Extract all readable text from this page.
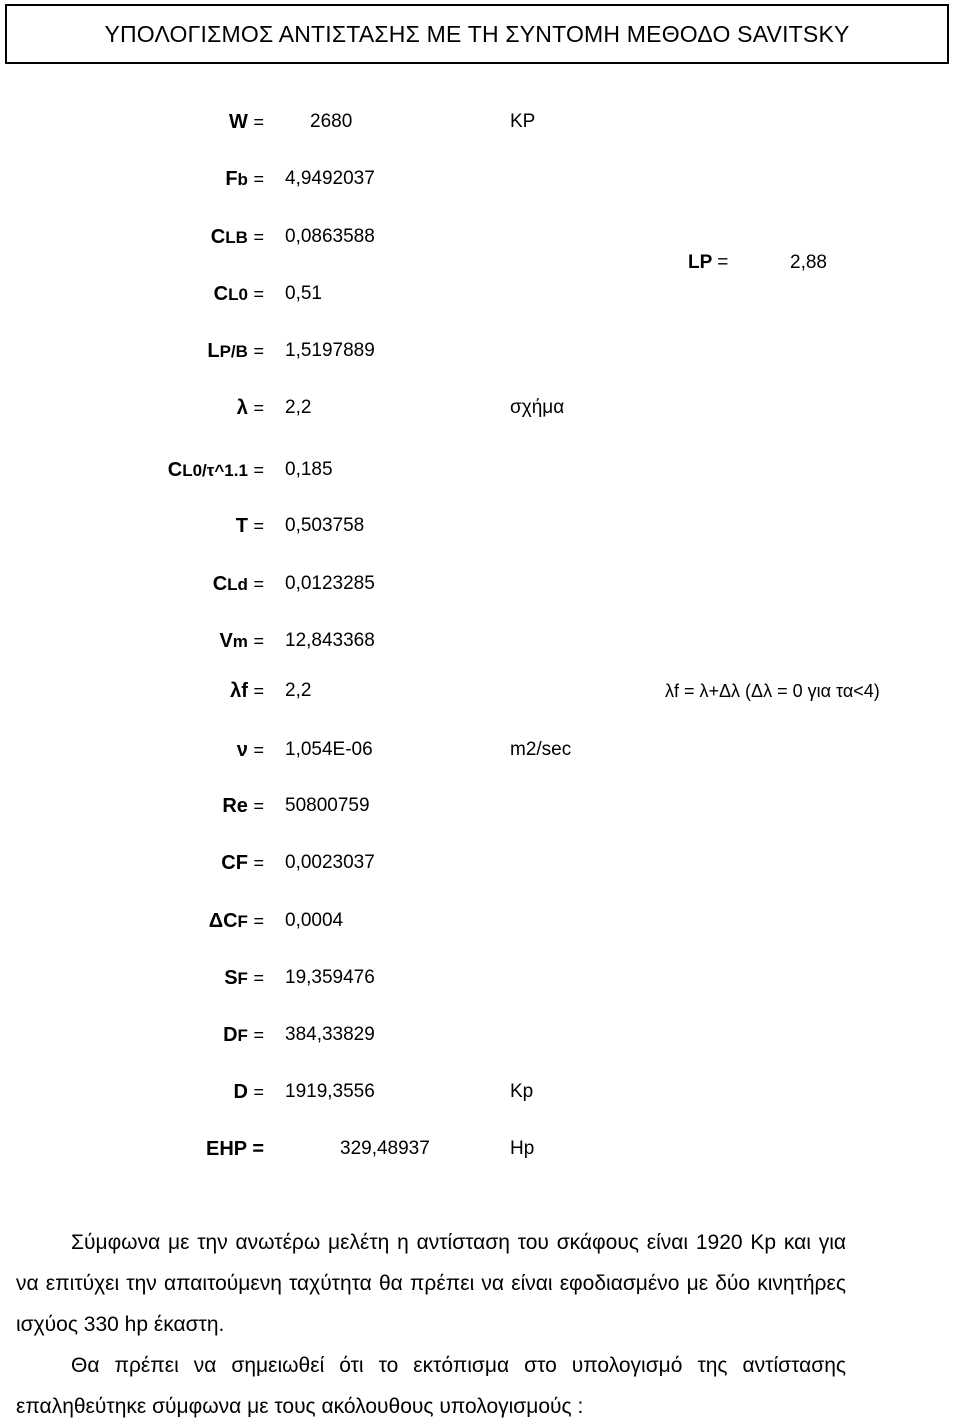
ΥΠΟΛΟΓΙΣΜΟΣ ΑΝΤΙΣΤΑΣΗΣ ΜΕ ΤΗ ΣΥΝΤΟΜΗ ΜΕΘΟΔΟ SAVITSKY
W = 2680	KP
Fb = 4,9492037
CLB = 0,0863588
CL0 = 0,51
LP/B = 1,5197889
λ = 2,2	σχήμα
CL0/τ^1.1 = 0,185
T = 0,503758
CLd = 0,0123285
Vm = 12,843368
λf = 2,2
ν = 1,054E-06	m2/sec
Re = 50800759
CF = 0,0023037
ΔCF = 0,0004
SF = 19,359476
DF = 384,33829
D = 1919,3556	Kp
EHP =	329,48937	Hp
LP =	2,88
λf = λ+Δλ (Δλ = 0 για τα<4)

Σύμφωνα με την ανωτέρω μελέτη η αντίσταση του σκάφους είναι 1920 Kp και για να επιτύχει την απαιτούμενη ταχύτητα θα πρέπει να είναι εφοδιασμένο με δύο κινητήρες ισχύος 330 hp έκαστη.

Θα πρέπει να σημειωθεί ότι το εκτόπισμα στο υπολογισμό της αντίστασης επαληθεύτηκε σύμφωνα με τους ακόλουθους υπολογισμούς :
